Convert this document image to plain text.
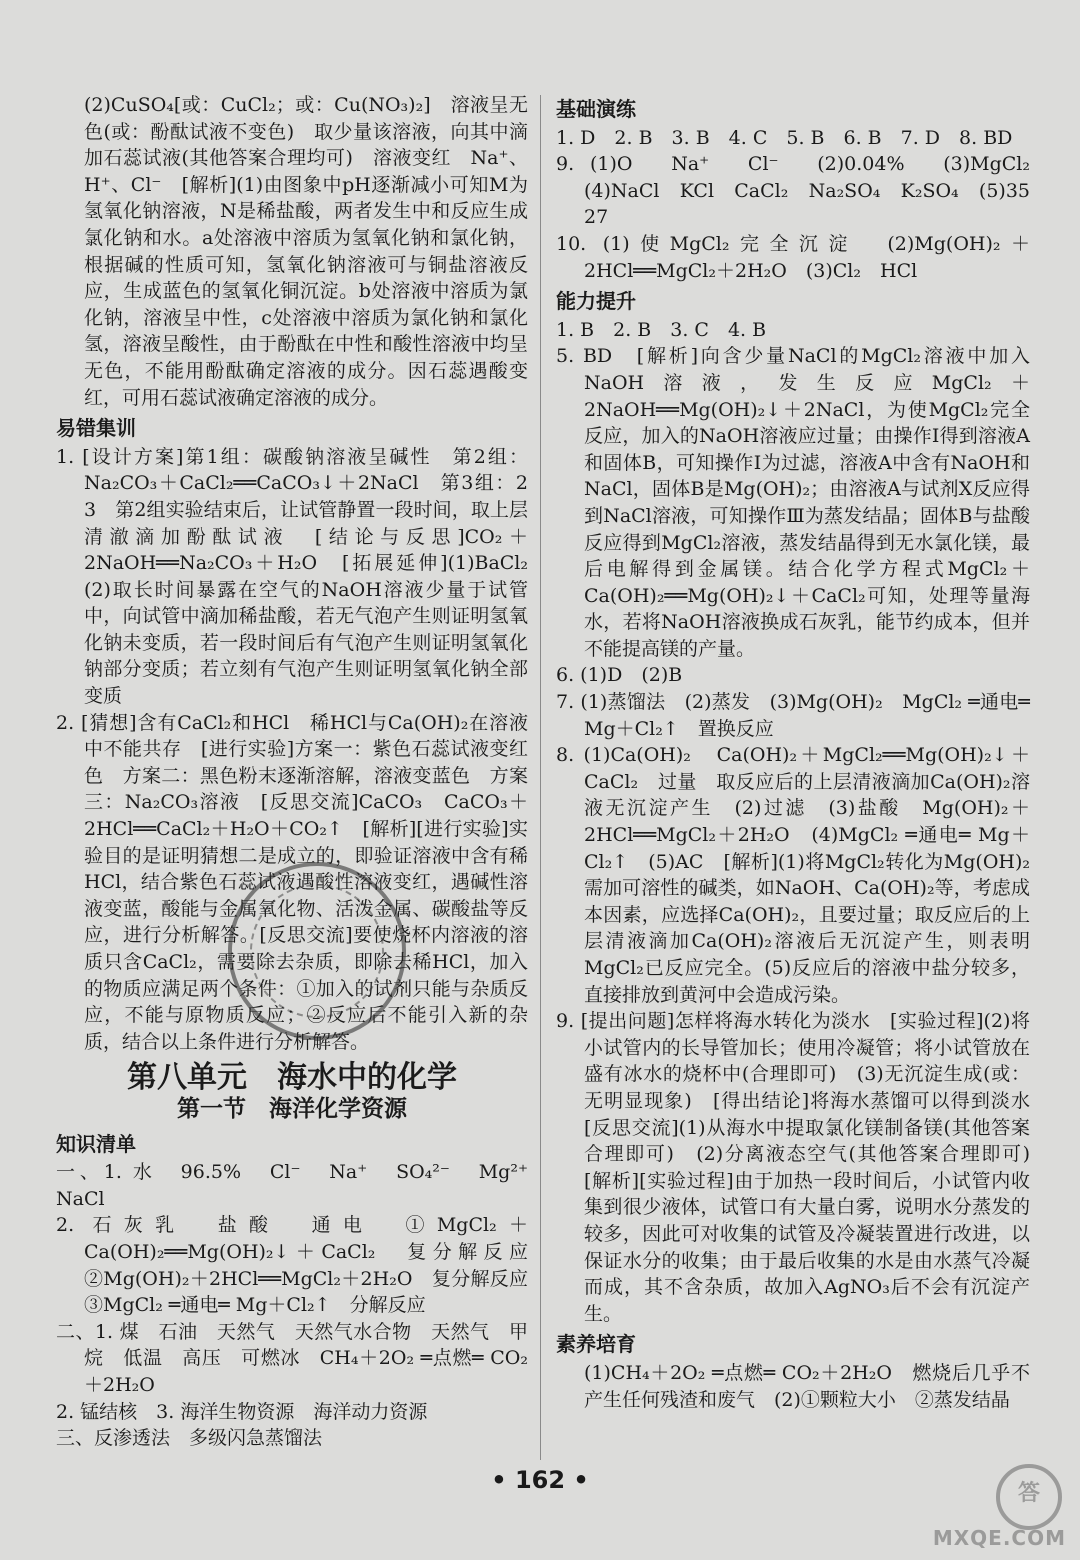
(2)CuSO₄[或：CuCl₂；或：Cu(NO₃)₂]　溶液呈无色(或：酚酞试液不变色)　取少量该溶液，向其中滴加石蕊试液(其他答案合理均可)　溶液变红　Na⁺、H⁺、Cl⁻　[解析](1)由图象中pH逐渐减小可知M为氢氧化钠溶液，N是稀盐酸，两者发生中和反应生成氯化钠和水。a处溶液中溶质为氢氧化钠和氯化钠，根据碱的性质可知，氢氧化钠溶液可与铜盐溶液反应，生成蓝色的氢氧化铜沉淀。b处溶液中溶质为氯化钠，溶液呈中性，c处溶液中溶质为氯化钠和氯化氢，溶液呈酸性，由于酚酞在中性和酸性溶液中均呈无色，不能用酚酞确定溶液的成分。因石蕊遇酸变红，可用石蕊试液确定溶液的成分。

易错集训

1. [设计方案]第1组：碳酸钠溶液呈碱性　第2组：Na₂CO₃＋CaCl₂══CaCO₃↓＋2NaCl　第3组：2　3　第2组实验结束后，让试管静置一段时间，取上层清澈滴加酚酞试液　[结论与反思]CO₂＋2NaOH══Na₂CO₃＋H₂O　[拓展延伸](1)BaCl₂　(2)取长时间暴露在空气的NaOH溶液少量于试管中，向试管中滴加稀盐酸，若无气泡产生则证明氢氧化钠未变质，若一段时间后有气泡产生则证明氢氧化钠部分变质；若立刻有气泡产生则证明氢氧化钠全部变质

2. [猜想]含有CaCl₂和HCl　稀HCl与Ca(OH)₂在溶液中不能共存　[进行实验]方案一：紫色石蕊试液变红色　方案二：黑色粉末逐渐溶解，溶液变蓝色　方案三：Na₂CO₃溶液　[反思交流]CaCO₃　CaCO₃＋2HCl══CaCl₂＋H₂O＋CO₂↑　[解析][进行实验]实验目的是证明猜想二是成立的，即验证溶液中含有稀HCl，结合紫色石蕊试液遇酸性溶液变红，遇碱性溶液变蓝，酸能与金属氧化物、活泼金属、碳酸盐等反应，进行分析解答。[反思交流]要使烧杯内溶液的溶质只含CaCl₂，需要除去杂质，即除去稀HCl，加入的物质应满足两个条件：①加入的试剂只能与杂质反应，不能与原物质反应；②反应后不能引入新的杂质，结合以上条件进行分析解答。

第八单元　海水中的化学
第一节　海洋化学资源
知识清单

一、1. 水　96.5%　Cl⁻　Na⁺　SO₄²⁻　Mg²⁺　NaCl

2. 石灰乳　盐酸　通电　①MgCl₂＋Ca(OH)₂══Mg(OH)₂↓＋CaCl₂　复分解反应　②Mg(OH)₂＋2HCl══MgCl₂＋2H₂O　复分解反应　③MgCl₂ ═通电═ Mg＋Cl₂↑　分解反应

二、1. 煤　石油　天然气　天然气水合物　天然气　甲烷　低温　高压　可燃冰　CH₄＋2O₂ ═点燃═ CO₂＋2H₂O

2. 锰结核　3. 海洋生物资源　海洋动力资源

三、反渗透法　多级闪急蒸馏法

基础演练

1. D　2. B　3. B　4. C　5. B　6. B　7. D　8. BD

9. (1)O　Na⁺　Cl⁻　(2)0.04%　(3)MgCl₂　(4)NaCl　KCl　CaCl₂　Na₂SO₄　K₂SO₄　(5)35　27

10. (1)使MgCl₂完全沉淀　(2)Mg(OH)₂＋2HCl══MgCl₂＋2H₂O　(3)Cl₂　HCl

能力提升

1. B　2. B　3. C　4. B

5. BD　[解析]向含少量NaCl的MgCl₂溶液中加入NaOH溶液，发生反应MgCl₂＋2NaOH══Mg(OH)₂↓＋2NaCl，为使MgCl₂完全反应，加入的NaOH溶液应过量；由操作Ⅰ得到溶液A和固体B，可知操作Ⅰ为过滤，溶液A中含有NaOH和NaCl，固体B是Mg(OH)₂；由溶液A与试剂X反应得到NaCl溶液，可知操作Ⅲ为蒸发结晶；固体B与盐酸反应得到MgCl₂溶液，蒸发结晶得到无水氯化镁，最后电解得到金属镁。结合化学方程式MgCl₂＋Ca(OH)₂══Mg(OH)₂↓＋CaCl₂可知，处理等量海水，若将NaOH溶液换成石灰乳，能节约成本，但并不能提高镁的产量。

6. (1)D　(2)B

7. (1)蒸馏法　(2)蒸发　(3)Mg(OH)₂　MgCl₂ ═通电═ Mg＋Cl₂↑　置换反应

8. (1)Ca(OH)₂　Ca(OH)₂＋MgCl₂══Mg(OH)₂↓＋CaCl₂　过量　取反应后的上层清液滴加Ca(OH)₂溶液无沉淀产生　(2)过滤　(3)盐酸　Mg(OH)₂＋2HCl══MgCl₂＋2H₂O　(4)MgCl₂ ═通电═ Mg＋Cl₂↑　(5)AC　[解析](1)将MgCl₂转化为Mg(OH)₂需加可溶性的碱类，如NaOH、Ca(OH)₂等，考虑成本因素，应选择Ca(OH)₂，且要过量；取反应后的上层清液滴加Ca(OH)₂溶液后无沉淀产生，则表明MgCl₂已反应完全。(5)反应后的溶液中盐分较多，直接排放到黄河中会造成污染。

9. [提出问题]怎样将海水转化为淡水　[实验过程](2)将小试管内的长导管加长；使用冷凝管；将小试管放在盛有冰水的烧杯中(合理即可)　(3)无沉淀生成(或：无明显现象)　[得出结论]将海水蒸馏可以得到淡水　[反思交流](1)从海水中提取氯化镁制备镁(其他答案合理即可)　(2)分离液态空气(其他答案合理即可)　[解析][实验过程]由于加热一段时间后，小试管内收集到很少液体，试管口有大量白雾，说明水分蒸发的较多，因此可对收集的试管及冷凝装置进行改进，以保证水分的收集；由于最后收集的水是由水蒸气冷凝而成，其不含杂质，故加入AgNO₃后不会有沉淀产生。

素养培育

(1)CH₄＋2O₂ ═点燃═ CO₂＋2H₂O　燃烧后几乎不产生任何残渣和废气　(2)①颗粒大小　②蒸发结晶

• 162 •	答
MXQE.COM
